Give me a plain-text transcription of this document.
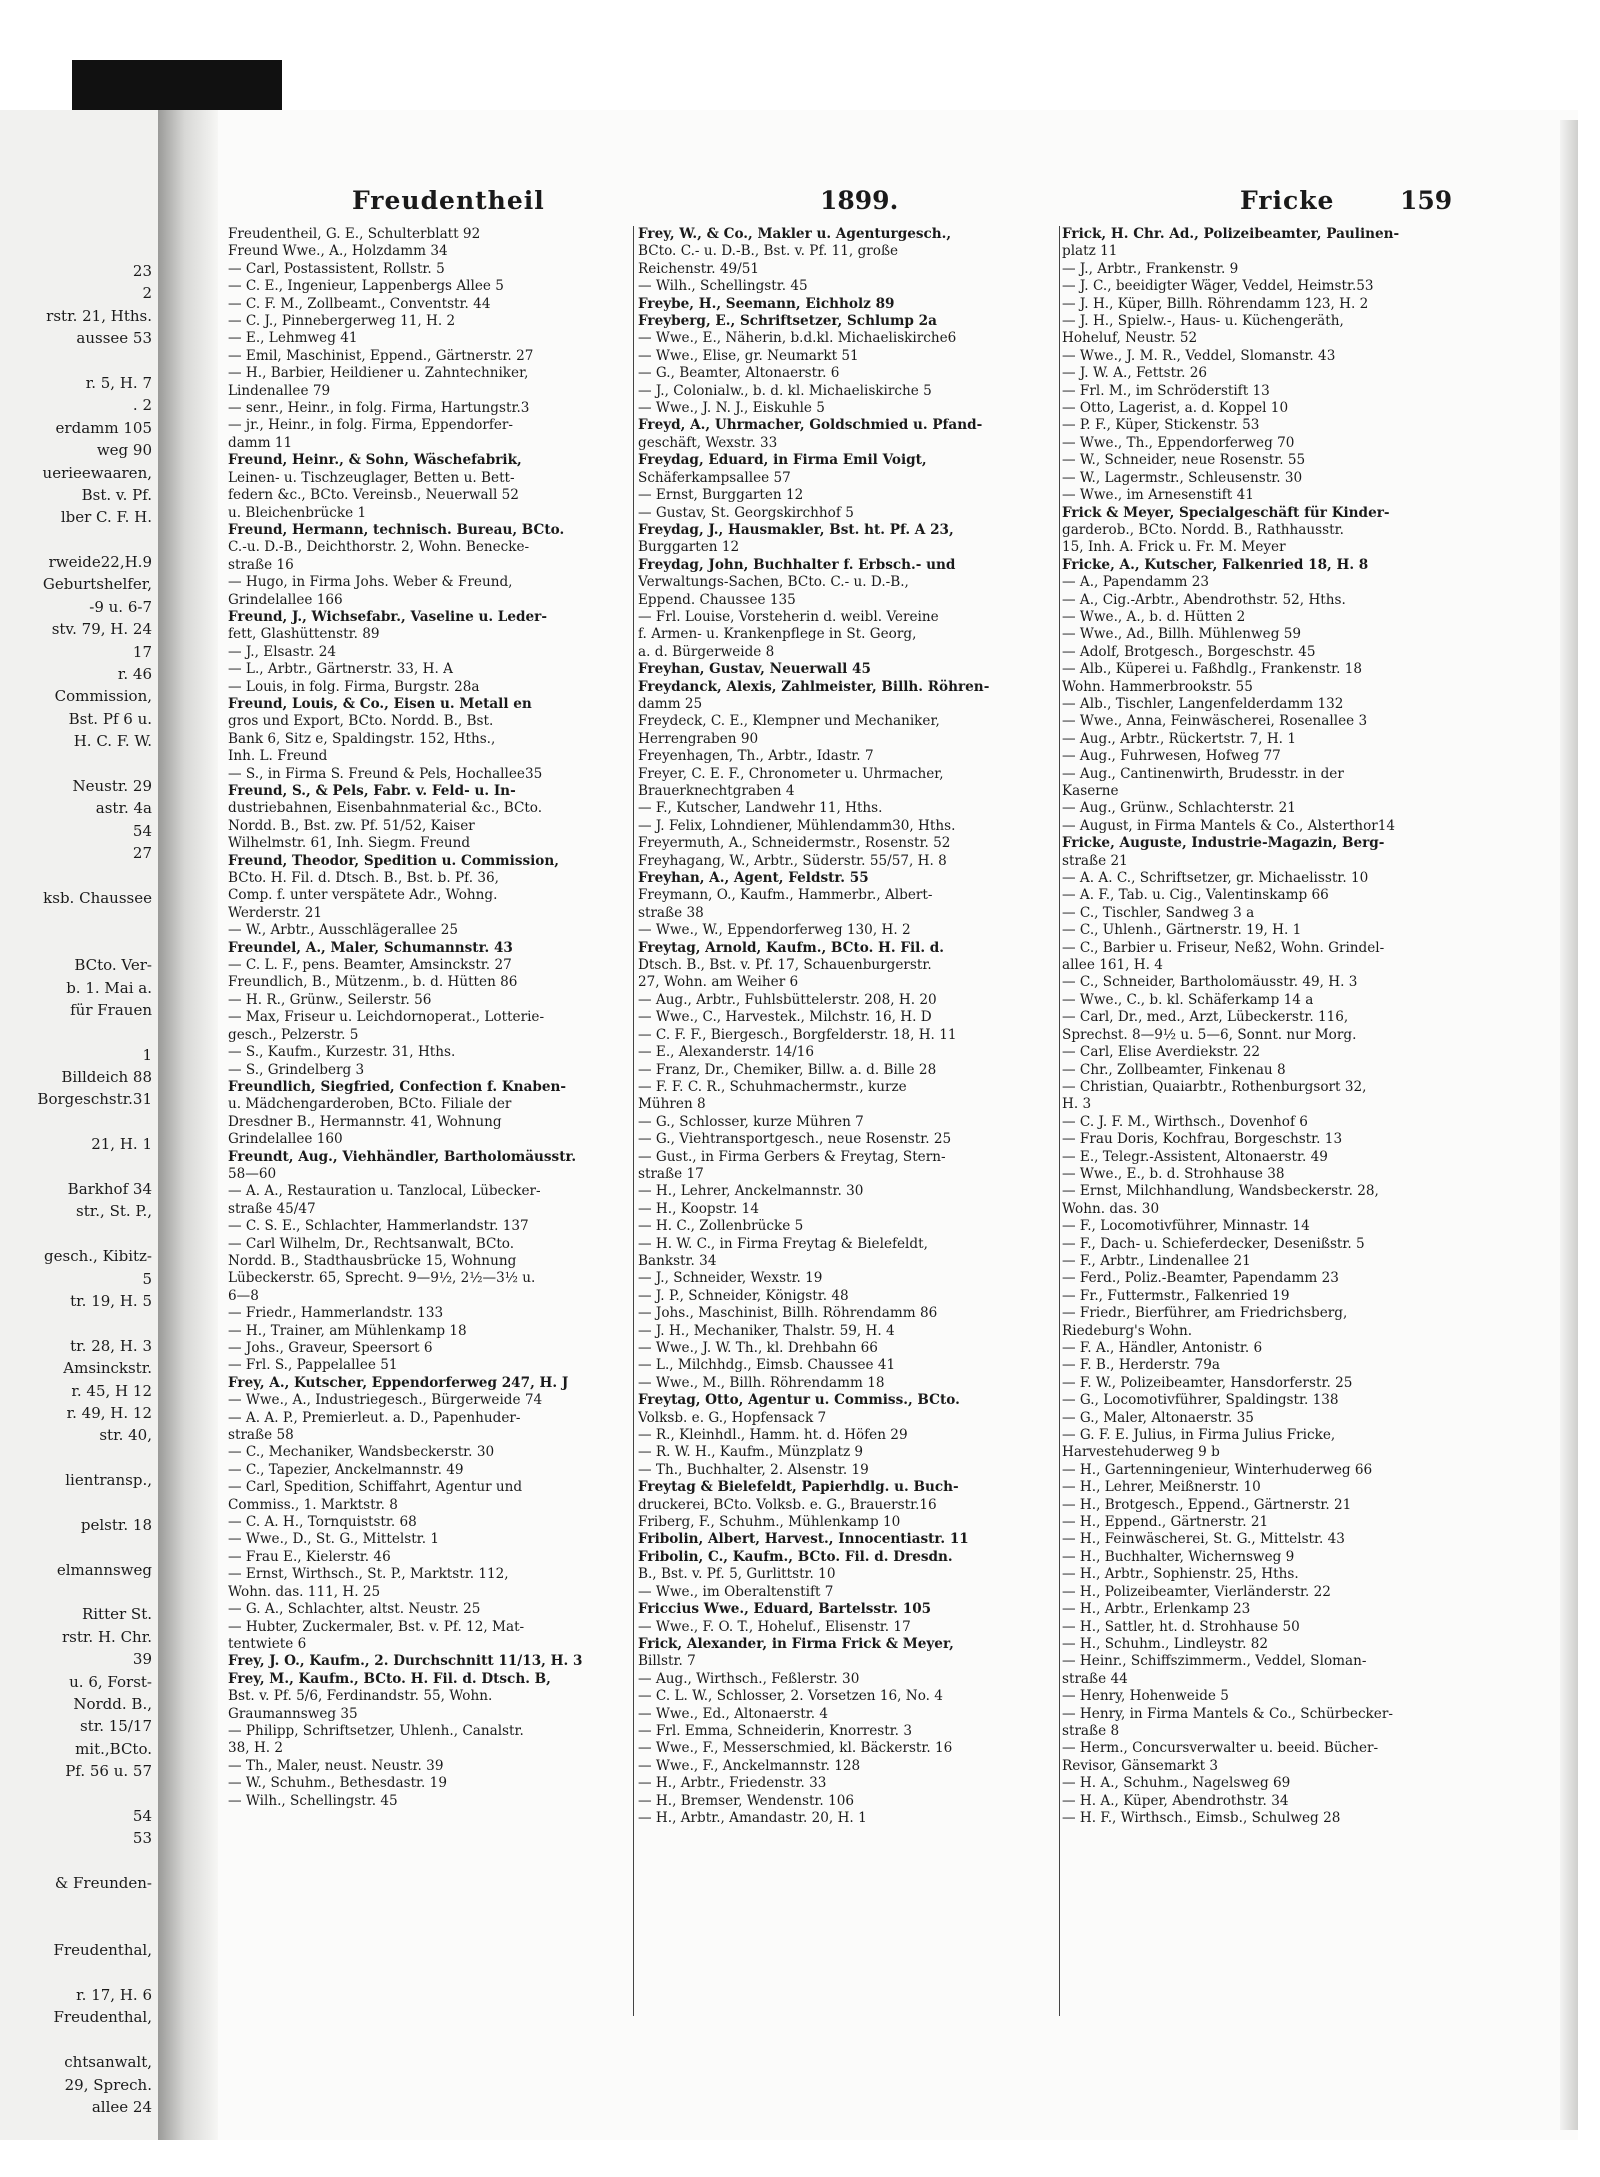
23
2
rstr. 21, Hths.
aussee 53
r. 5, H. 7
. 2
erdamm 105
weg 90
uerieewaaren,
Bst. v. Pf.
lber C. F. H.
rweide22,H.9
Geburtshelfer,
-9 u. 6-7
stv. 79, H. 24
17
r. 46
Commission,
Bst. Pf 6 u.
H. C. F. W.
Neustr. 29
astr. 4a
54
27
ksb. Chaussee
BCto. Ver-
b. 1. Mai a.
für Frauen
1
Billdeich 88
Borgeschstr.31
21, H. 1
Barkhof 34
str., St. P.,
gesch., Kibitz-
5
tr. 19, H. 5
tr. 28, H. 3
Amsinckstr.
r. 45, H 12
r. 49, H. 12
str. 40,
lientransp.,
pelstr. 18
elmannsweg
Ritter St.
rstr. H. Chr.
39
u. 6, Forst-
Nordd. B.,
str. 15/17
mit.,BCto.
Pf. 56 u. 57
54
53
& Freunden-
Freudenthal,
r. 17, H. 6
Freudenthal,
chtsanwalt,
29, Sprech.
allee 24
Freudentheil	1899.	Fricke	159
Freudentheil, G. E., Schulterblatt 92
Freund Wwe., A., Holzdamm 34
— Carl, Postassistent, Rollstr. 5
— C. E., Ingenieur, Lappenbergs Allee 5
— C. F. M., Zollbeamt., Conventstr. 44
— C. J., Pinnebergerweg 11, H. 2
— E., Lehmweg 41
— Emil, Maschinist, Eppend., Gärtnerstr. 27
— H., Barbier, Heildiener u. Zahntechniker,
Lindenallee 79
— senr., Heinr., in folg. Firma, Hartungstr.3
— jr., Heinr., in folg. Firma, Eppendorfer-
damm 11
Freund, Heinr., & Sohn, Wäschefabrik,
Leinen- u. Tischzeuglager, Betten u. Bett-
federn &c., BCto. Vereinsb., Neuerwall 52
u. Bleichenbrücke 1
Freund, Hermann, technisch. Bureau, BCto.
C.-u. D.-B., Deichthorstr. 2, Wohn. Benecke-
straße 16
— Hugo, in Firma Johs. Weber & Freund,
Grindelallee 166
Freund, J., Wichsefabr., Vaseline u. Leder-
fett, Glashüttenstr. 89
— J., Elsastr. 24
— L., Arbtr., Gärtnerstr. 33, H. A
— Louis, in folg. Firma, Burgstr. 28a
Freund, Louis, & Co., Eisen u. Metall en
gros und Export, BCto. Nordd. B., Bst.
Bank 6, Sitz e, Spaldingstr. 152, Hths.,
Inh. L. Freund
— S., in Firma S. Freund & Pels, Hochallee35
Freund, S., & Pels, Fabr. v. Feld- u. In-
dustriebahnen, Eisenbahnmaterial &c., BCto.
Nordd. B., Bst. zw. Pf. 51/52, Kaiser
Wilhelmstr. 61, Inh. Siegm. Freund
Freund, Theodor, Spedition u. Commission,
BCto. H. Fil. d. Dtsch. B., Bst. b. Pf. 36,
Comp. f. unter verspätete Adr., Wohng.
Werderstr. 21
— W., Arbtr., Ausschlägerallee 25
Freundel, A., Maler, Schumannstr. 43
— C. L. F., pens. Beamter, Amsinckstr. 27
Freundlich, B., Mützenm., b. d. Hütten 86
— H. R., Grünw., Seilerstr. 56
— Max, Friseur u. Leichdornoperat., Lotterie-
gesch., Pelzerstr. 5
— S., Kaufm., Kurzestr. 31, Hths.
— S., Grindelberg 3
Freundlich, Siegfried, Confection f. Knaben-
u. Mädchengarderoben, BCto. Filiale der
Dresdner B., Hermannstr. 41, Wohnung
Grindelallee 160
Freundt, Aug., Viehhändler, Bartholomäusstr.
58—60
— A. A., Restauration u. Tanzlocal, Lübecker-
straße 45/47
— C. S. E., Schlachter, Hammerlandstr. 137
— Carl Wilhelm, Dr., Rechtsanwalt, BCto.
Nordd. B., Stadthausbrücke 15, Wohnung
Lübeckerstr. 65, Sprecht. 9—9½, 2½—3½ u.
6—8
— Friedr., Hammerlandstr. 133
— H., Trainer, am Mühlenkamp 18
— Johs., Graveur, Speersort 6
— Frl. S., Pappelallee 51
Frey, A., Kutscher, Eppendorferweg 247, H. J
— Wwe., A., Industriegesch., Bürgerweide 74
— A. A. P., Premierleut. a. D., Papenhuder-
straße 58
— C., Mechaniker, Wandsbeckerstr. 30
— C., Tapezier, Anckelmannstr. 49
— Carl, Spedition, Schiffahrt, Agentur und
Commiss., 1. Marktstr. 8
— C. A. H., Tornquiststr. 68
— Wwe., D., St. G., Mittelstr. 1
— Frau E., Kielerstr. 46
— Ernst, Wirthsch., St. P., Marktstr. 112,
Wohn. das. 111, H. 25
— G. A., Schlachter, altst. Neustr. 25
— Hubter, Zuckermaler, Bst. v. Pf. 12, Mat-
tentwiete 6
Frey, J. O., Kaufm., 2. Durchschnitt 11/13, H. 3
Frey, M., Kaufm., BCto. H. Fil. d. Dtsch. B,
Bst. v. Pf. 5/6, Ferdinandstr. 55, Wohn.
Graumannsweg 35
— Philipp, Schriftsetzer, Uhlenh., Canalstr.
38, H. 2
— Th., Maler, neust. Neustr. 39
— W., Schuhm., Bethesdastr. 19
— Wilh., Schellingstr. 45
Frey, W., & Co., Makler u. Agenturgesch.,
BCto. C.- u. D.-B., Bst. v. Pf. 11, große
Reichenstr. 49/51
— Wilh., Schellingstr. 45
Freybe, H., Seemann, Eichholz 89
Freyberg, E., Schriftsetzer, Schlump 2a
— Wwe., E., Näherin, b.d.kl. Michaeliskirche6
— Wwe., Elise, gr. Neumarkt 51
— G., Beamter, Altonaerstr. 6
— J., Colonialw., b. d. kl. Michaeliskirche 5
— Wwe., J. N. J., Eiskuhle 5
Freyd, A., Uhrmacher, Goldschmied u. Pfand-
geschäft, Wexstr. 33
Freydag, Eduard, in Firma Emil Voigt,
Schäferkampsallee 57
— Ernst, Burggarten 12
— Gustav, St. Georgskirchhof 5
Freydag, J., Hausmakler, Bst. ht. Pf. A 23,
Burggarten 12
Freydag, John, Buchhalter f. Erbsch.- und
Verwaltungs-Sachen, BCto. C.- u. D.-B.,
Eppend. Chaussee 135
— Frl. Louise, Vorsteherin d. weibl. Vereine
f. Armen- u. Krankenpflege in St. Georg,
a. d. Bürgerweide 8
Freyhan, Gustav, Neuerwall 45
Freydanck, Alexis, Zahlmeister, Billh. Röhren-
damm 25
Freydeck, C. E., Klempner und Mechaniker,
Herrengraben 90
Freyenhagen, Th., Arbtr., Idastr. 7
Freyer, C. E. F., Chronometer u. Uhrmacher,
Brauerknechtgraben 4
— F., Kutscher, Landwehr 11, Hths.
— J. Felix, Lohndiener, Mühlendamm30, Hths.
Freyermuth, A., Schneidermstr., Rosenstr. 52
Freyhagang, W., Arbtr., Süderstr. 55/57, H. 8
Freyhan, A., Agent, Feldstr. 55
Freymann, O., Kaufm., Hammerbr., Albert-
straße 38
— Wwe., W., Eppendorferweg 130, H. 2
Freytag, Arnold, Kaufm., BCto. H. Fil. d.
Dtsch. B., Bst. v. Pf. 17, Schauenburgerstr.
27, Wohn. am Weiher 6
— Aug., Arbtr., Fuhlsbüttelerstr. 208, H. 20
— Wwe., C., Harvestek., Milchstr. 16, H. D
— C. F. F., Biergesch., Borgfelderstr. 18, H. 11
— E., Alexanderstr. 14/16
— Franz, Dr., Chemiker, Billw. a. d. Bille 28
— F. F. C. R., Schuhmachermstr., kurze
Mühren 8
— G., Schlosser, kurze Mühren 7
— G., Viehtransportgesch., neue Rosenstr. 25
— Gust., in Firma Gerbers & Freytag, Stern-
straße 17
— H., Lehrer, Anckelmannstr. 30
— H., Koopstr. 14
— H. C., Zollenbrücke 5
— H. W. C., in Firma Freytag & Bielefeldt,
Bankstr. 34
— J., Schneider, Wexstr. 19
— J. P., Schneider, Königstr. 48
— Johs., Maschinist, Billh. Röhrendamm 86
— J. H., Mechaniker, Thalstr. 59, H. 4
— Wwe., J. W. Th., kl. Drehbahn 66
— L., Milchhdg., Eimsb. Chaussee 41
— Wwe., M., Billh. Röhrendamm 18
Freytag, Otto, Agentur u. Commiss., BCto.
Volksb. e. G., Hopfensack 7
— R., Kleinhdl., Hamm. ht. d. Höfen 29
— R. W. H., Kaufm., Münzplatz 9
— Th., Buchhalter, 2. Alsenstr. 19
Freytag & Bielefeldt, Papierhdlg. u. Buch-
druckerei, BCto. Volksb. e. G., Brauerstr.16
Friberg, F., Schuhm., Mühlenkamp 10
Fribolin, Albert, Harvest., Innocentiastr. 11
Fribolin, C., Kaufm., BCto. Fil. d. Dresdn.
B., Bst. v. Pf. 5, Gurlittstr. 10
— Wwe., im Oberaltenstift 7
Friccius Wwe., Eduard, Bartelsstr. 105
— Wwe., F. O. T., Hoheluf., Elisenstr. 17
Frick, Alexander, in Firma Frick & Meyer,
Billstr. 7
— Aug., Wirthsch., Feßlerstr. 30
— C. L. W., Schlosser, 2. Vorsetzen 16, No. 4
— Wwe., Ed., Altonaerstr. 4
— Frl. Emma, Schneiderin, Knorrestr. 3
— Wwe., F., Messerschmied, kl. Bäckerstr. 16
— Wwe., F., Anckelmannstr. 128
— H., Arbtr., Friedenstr. 33
— H., Bremser, Wendenstr. 106
— H., Arbtr., Amandastr. 20, H. 1
Frick, H. Chr. Ad., Polizeibeamter, Paulinen-
platz 11
— J., Arbtr., Frankenstr. 9
— J. C., beeidigter Wäger, Veddel, Heimstr.53
— J. H., Küper, Billh. Röhrendamm 123, H. 2
— J. H., Spielw.-, Haus- u. Küchengeräth,
Hoheluf, Neustr. 52
— Wwe., J. M. R., Veddel, Slomanstr. 43
— J. W. A., Fettstr. 26
— Frl. M., im Schröderstift 13
— Otto, Lagerist, a. d. Koppel 10
— P. F., Küper, Stickenstr. 53
— Wwe., Th., Eppendorferweg 70
— W., Schneider, neue Rosenstr. 55
— W., Lagermstr., Schleusenstr. 30
— Wwe., im Arnesenstift 41
Frick & Meyer, Specialgeschäft für Kinder-
garderob., BCto. Nordd. B., Rathhausstr.
15, Inh. A. Frick u. Fr. M. Meyer
Fricke, A., Kutscher, Falkenried 18, H. 8
— A., Papendamm 23
— A., Cig.-Arbtr., Abendrothstr. 52, Hths.
— Wwe., A., b. d. Hütten 2
— Wwe., Ad., Billh. Mühlenweg 59
— Adolf, Brotgesch., Borgeschstr. 45
— Alb., Küperei u. Faßhdlg., Frankenstr. 18
Wohn. Hammerbrookstr. 55
— Alb., Tischler, Langenfelderdamm 132
— Wwe., Anna, Feinwäscherei, Rosenallee 3
— Aug., Arbtr., Rückertstr. 7, H. 1
— Aug., Fuhrwesen, Hofweg 77
— Aug., Cantinenwirth, Brudesstr. in der
Kaserne
— Aug., Grünw., Schlachterstr. 21
— August, in Firma Mantels & Co., Alsterthor14
Fricke, Auguste, Industrie-Magazin, Berg-
straße 21
— A. A. C., Schriftsetzer, gr. Michaelisstr. 10
— A. F., Tab. u. Cig., Valentinskamp 66
— C., Tischler, Sandweg 3 a
— C., Uhlenh., Gärtnerstr. 19, H. 1
— C., Barbier u. Friseur, Neß2, Wohn. Grindel-
allee 161, H. 4
— C., Schneider, Bartholomäusstr. 49, H. 3
— Wwe., C., b. kl. Schäferkamp 14 a
— Carl, Dr., med., Arzt, Lübeckerstr. 116,
Sprechst. 8—9½ u. 5—6, Sonnt. nur Morg.
— Carl, Elise Averdiekstr. 22
— Chr., Zollbeamter, Finkenau 8
— Christian, Quaiarbtr., Rothenburgsort 32,
H. 3
— C. J. F. M., Wirthsch., Dovenhof 6
— Frau Doris, Kochfrau, Borgeschstr. 13
— E., Telegr.-Assistent, Altonaerstr. 49
— Wwe., E., b. d. Strohhause 38
— Ernst, Milchhandlung, Wandsbeckerstr. 28,
Wohn. das. 30
— F., Locomotivführer, Minnastr. 14
— F., Dach- u. Schieferdecker, Desenißstr. 5
— F., Arbtr., Lindenallee 21
— Ferd., Poliz.-Beamter, Papendamm 23
— Fr., Futtermstr., Falkenried 19
— Friedr., Bierführer, am Friedrichsberg,
Riedeburg's Wohn.
— F. A., Händler, Antonistr. 6
— F. B., Herderstr. 79a
— F. W., Polizeibeamter, Hansdorferstr. 25
— G., Locomotivführer, Spaldingstr. 138
— G., Maler, Altonaerstr. 35
— G. F. E. Julius, in Firma Julius Fricke,
Harvestehuderweg 9 b
— H., Gartenningenieur, Winterhuderweg 66
— H., Lehrer, Meißnerstr. 10
— H., Brotgesch., Eppend., Gärtnerstr. 21
— H., Eppend., Gärtnerstr. 21
— H., Feinwäscherei, St. G., Mittelstr. 43
— H., Buchhalter, Wichernsweg 9
— H., Arbtr., Sophienstr. 25, Hths.
— H., Polizeibeamter, Vierländerstr. 22
— H., Arbtr., Erlenkamp 23
— H., Sattler, ht. d. Strohhause 50
— H., Schuhm., Lindleystr. 82
— Heinr., Schiffszimmerm., Veddel, Sloman-
straße 44
— Henry, Hohenweide 5
— Henry, in Firma Mantels & Co., Schürbecker-
straße 8
— Herm., Concursverwalter u. beeid. Bücher-
Revisor, Gänsemarkt 3
— H. A., Schuhm., Nagelsweg 69
— H. A., Küper, Abendrothstr. 34
— H. F., Wirthsch., Eimsb., Schulweg 28
